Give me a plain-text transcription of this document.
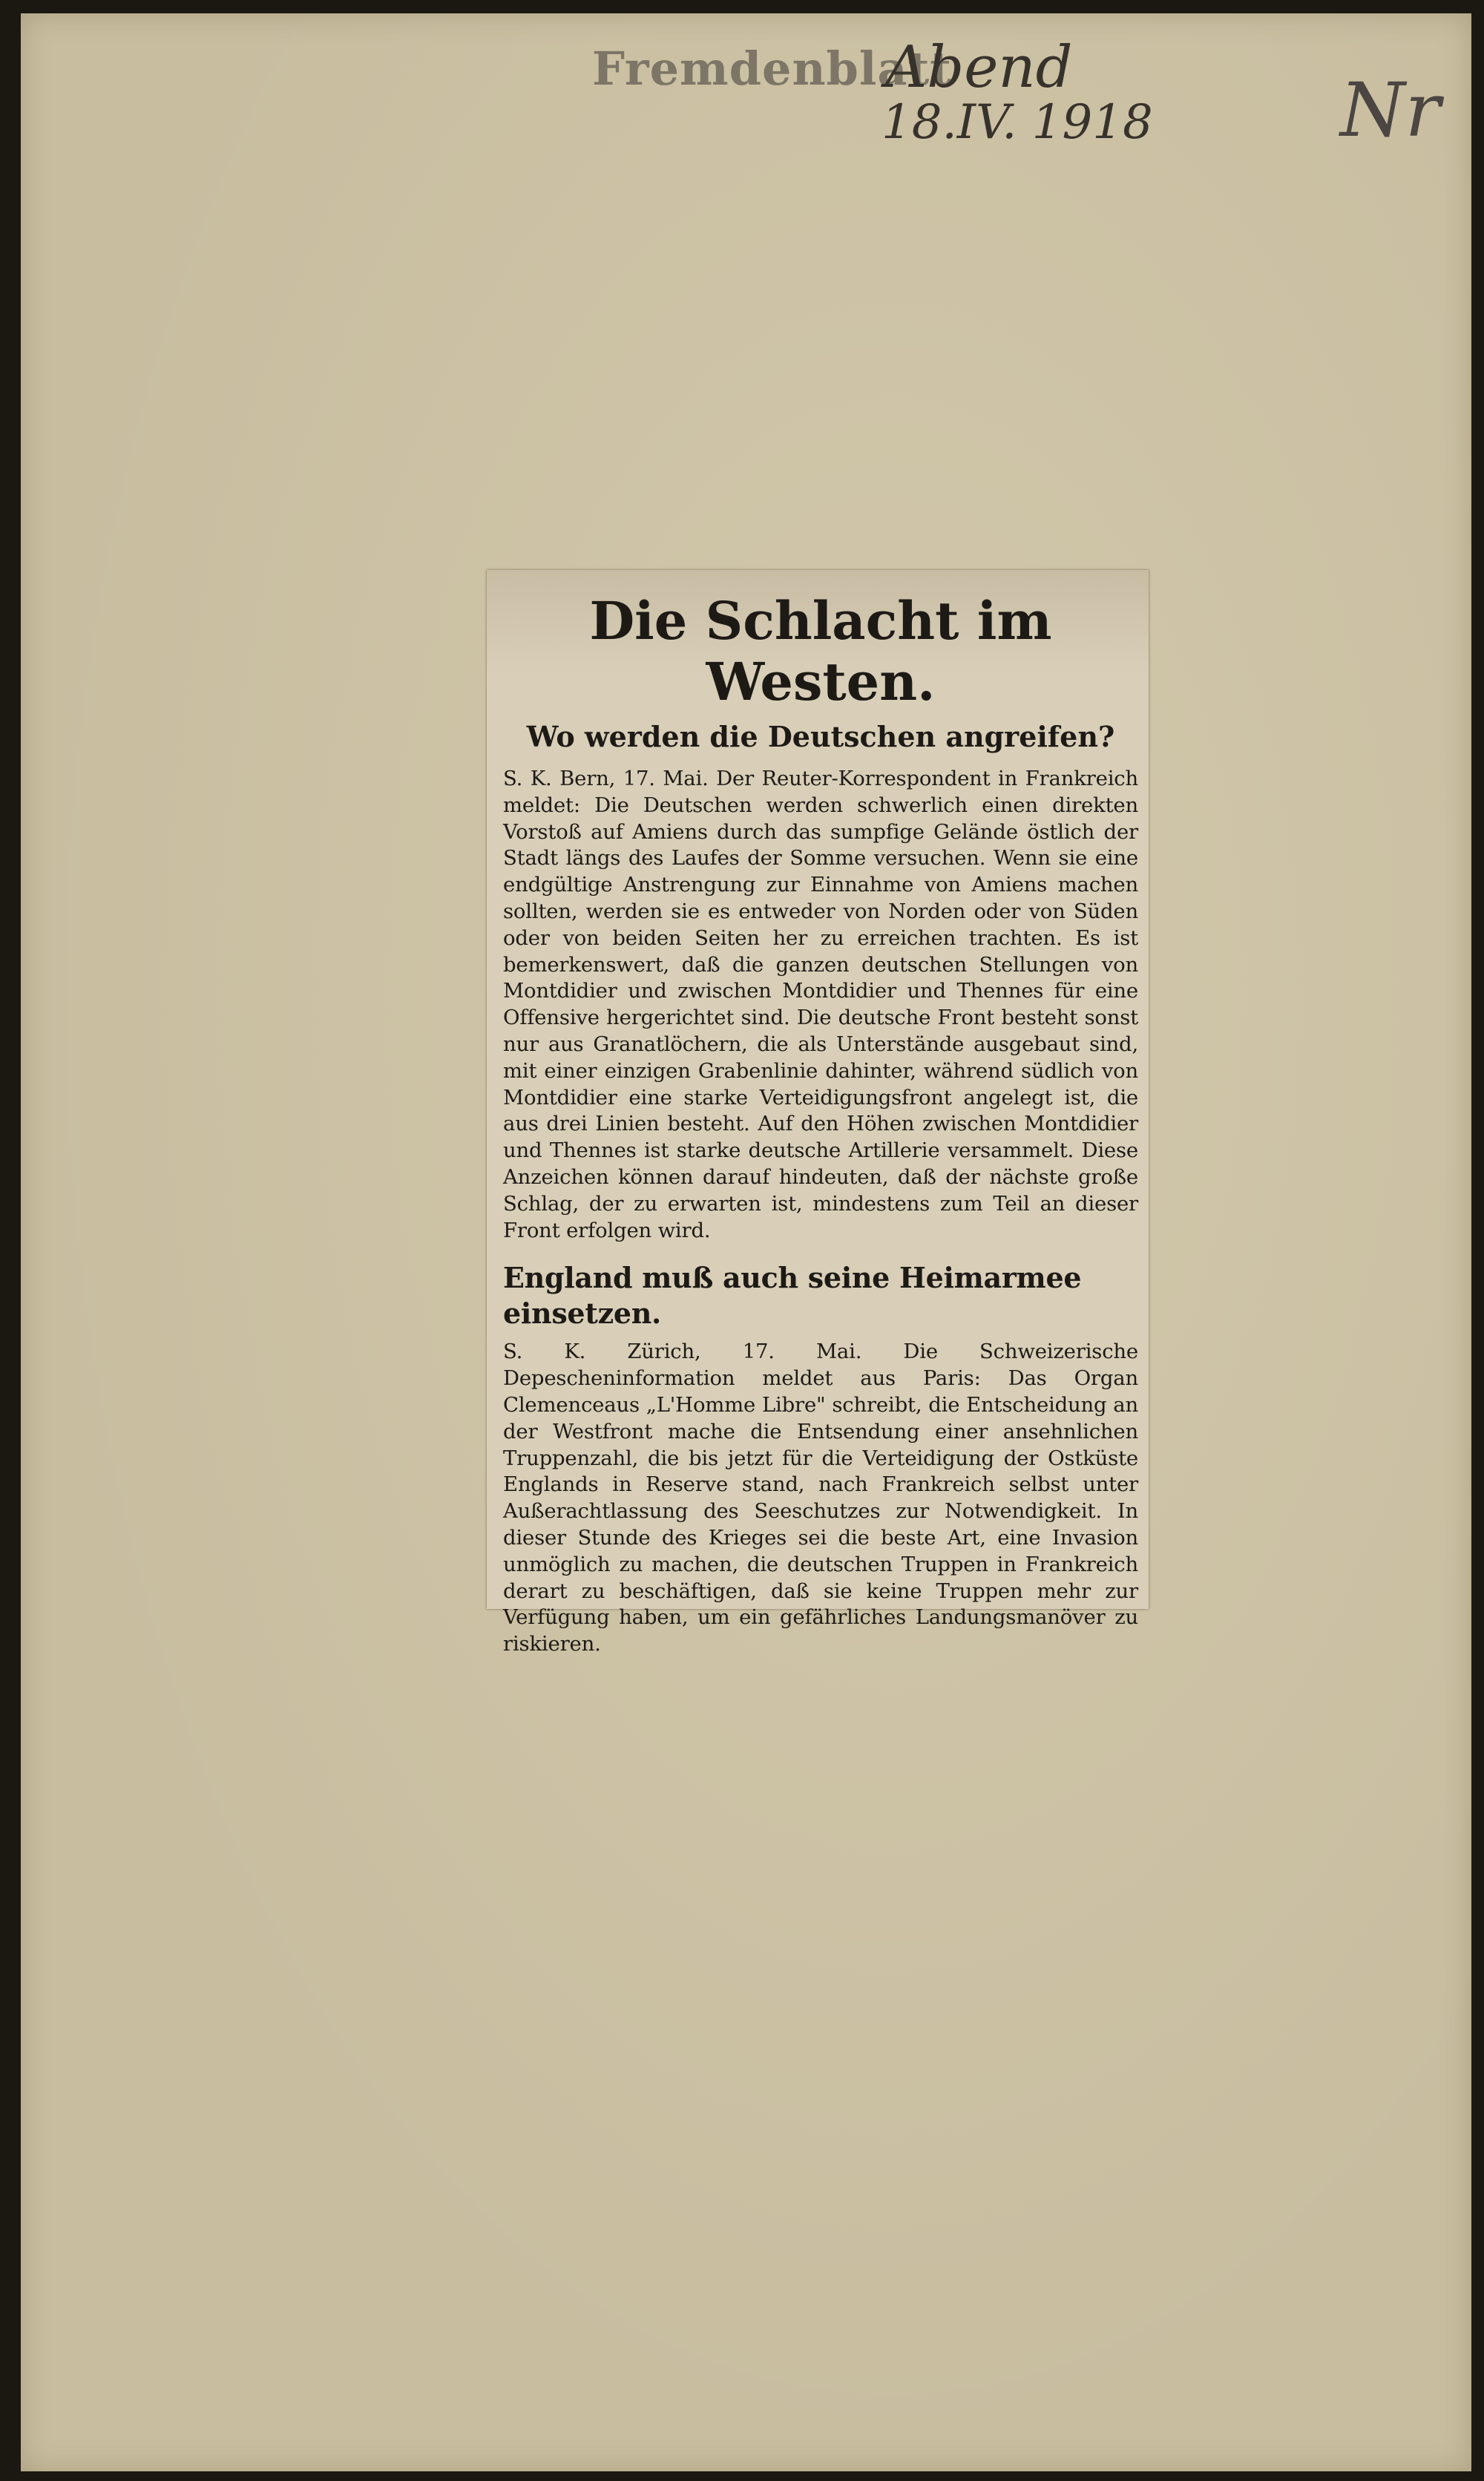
Fremdenblatt
Abend
18.IV. 1918	Nr
Die Schlacht im Westen.
Wo werden die Deutschen angreifen?

S. K. Bern, 17. Mai. Der Reuter-Korrespondent in Frankreich meldet: Die Deutschen werden schwerlich einen direkten Vorstoß auf Amiens durch das sumpfige Gelände östlich der Stadt längs des Laufes der Somme versuchen. Wenn sie eine endgültige Anstrengung zur Einnahme von Amiens machen sollten, werden sie es entweder von Norden oder von Süden oder von beiden Seiten her zu erreichen trachten. Es ist bemerkenswert, daß die ganzen deutschen Stellungen von Montdidier und zwischen Montdidier und Thennes für eine Offensive hergerichtet sind. Die deutsche Front besteht sonst nur aus Granatlöchern, die als Unterstände ausgebaut sind, mit einer einzigen Grabenlinie dahinter, während südlich von Montdidier eine starke Verteidigungsfront angelegt ist, die aus drei Linien besteht. Auf den Höhen zwischen Montdidier und Thennes ist starke deutsche Artillerie versammelt. Diese Anzeichen können darauf hindeuten, daß der nächste große Schlag, der zu erwarten ist, mindestens zum Teil an dieser Front erfolgen wird.

England muß auch seine Heimarmee einsetzen.

S. K. Zürich, 17. Mai. Die Schweizerische Depescheninformation meldet aus Paris: Das Organ Clemenceaus „L'Homme Libre" schreibt, die Entscheidung an der Westfront mache die Entsendung einer ansehnlichen Truppenzahl, die bis jetzt für die Verteidigung der Ostküste Englands in Reserve stand, nach Frankreich selbst unter Außerachtlassung des Seeschutzes zur Notwendigkeit. In dieser Stunde des Krieges sei die beste Art, eine Invasion unmöglich zu machen, die deutschen Truppen in Frankreich derart zu beschäftigen, daß sie keine Truppen mehr zur Verfügung haben, um ein gefährliches Landungsmanöver zu riskieren.
